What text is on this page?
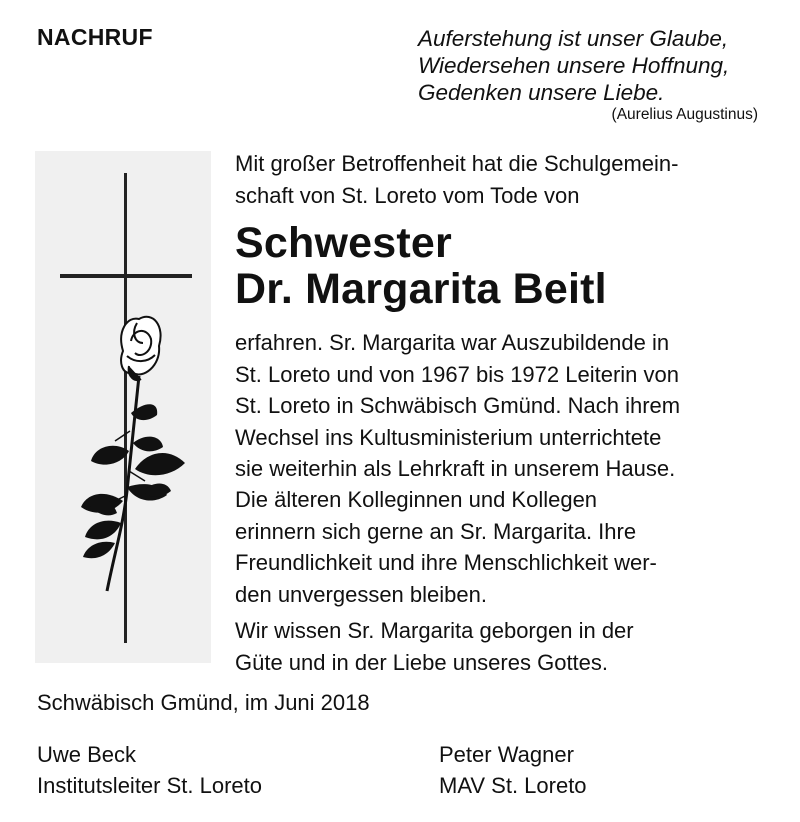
NACHRUF	Auferstehung ist unser Glaube,
Wiedersehen unsere Hoffnung,
Gedenken unsere Liebe.
(Aurelius Augustinus)
Mit großer Betroffenheit hat die Schulgemein-
schaft von St. Loreto vom Tode von
Schwester
Dr. Margarita Beitl
erfahren. Sr. Margarita war Auszubildende in
St. Loreto und von 1967 bis 1972 Leiterin von
St. Loreto in Schwäbisch Gmünd. Nach ihrem
Wechsel ins Kultusministerium unterrichtete
sie weiterhin als Lehrkraft in unserem Hause.
Die älteren Kolleginnen und Kollegen
erinnern sich gerne an Sr. Margarita. Ihre
Freundlichkeit und ihre Menschlichkeit wer-
den unvergessen bleiben.
Wir wissen Sr. Margarita geborgen in der
Güte und in der Liebe unseres Gottes.
Schwäbisch Gmünd, im Juni 2018
Uwe Beck
Institutsleiter St. Loreto
Peter Wagner
MAV St. Loreto
